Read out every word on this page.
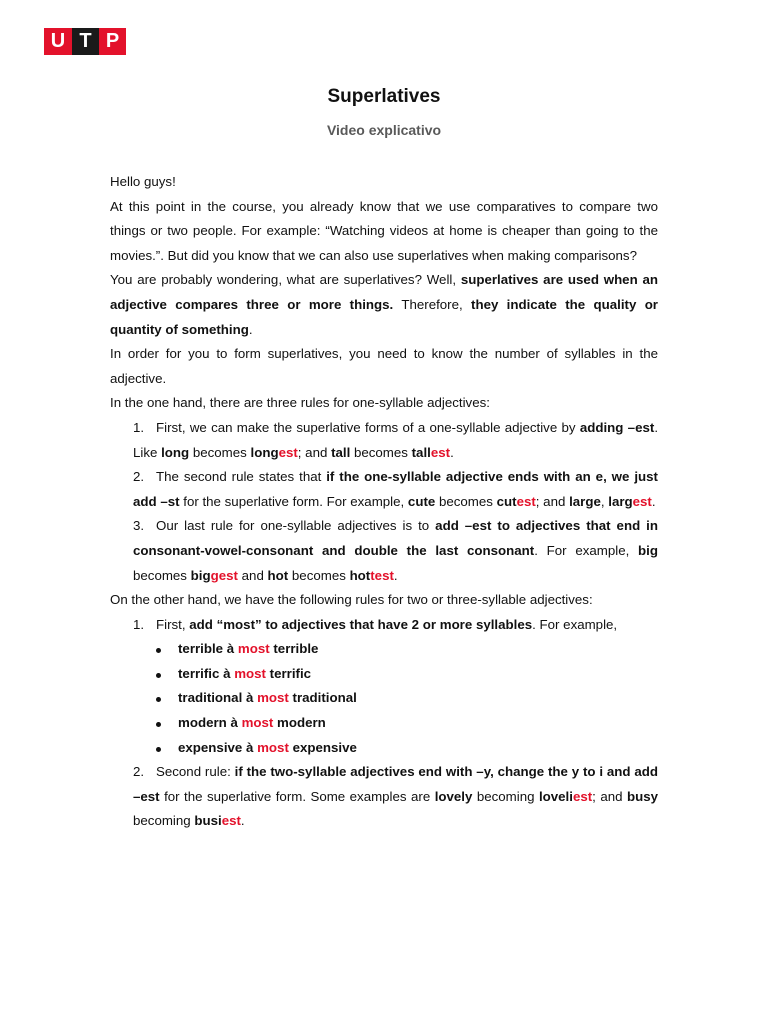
U T P
Superlatives
Video explicativo

Hello guys!

At this point in the course, you already know that we use comparatives to compare two things or two people. For example: “Watching videos at home is cheaper than going to the movies.”. But did you know that we can also use superlatives when making comparisons?

You are probably wondering, what are superlatives? Well, superlatives are used when an adjective compares three or more things. Therefore, they indicate the quality or quantity of something.

In order for you to form superlatives, you need to know the number of syllables in the adjective.

In the one hand, there are three rules for one-syllable adjectives:

1. First, we can make the superlative forms of a one-syllable adjective by adding –est. Like long becomes longest; and tall becomes tallest.
2. The second rule states that if the one-syllable adjective ends with an e, we just add –st for the superlative form. For example, cute becomes cutest; and large, largest.
3. Our last rule for one-syllable adjectives is to add –est to adjectives that end in consonant-vowel-consonant and double the last consonant. For example, big becomes biggest and hot becomes hottest.

On the other hand, we have the following rules for two or three-syllable adjectives:

1. First, add “most” to adjectives that have 2 or more syllables. For example,
terrible à most terrible
terrific à most terrific
traditional à most traditional
modern à most modern
expensive à most expensive
2. Second rule: if the two-syllable adjectives end with –y, change the y to i and add –est for the superlative form. Some examples are lovely becoming loveliest; and busy becoming busiest.
